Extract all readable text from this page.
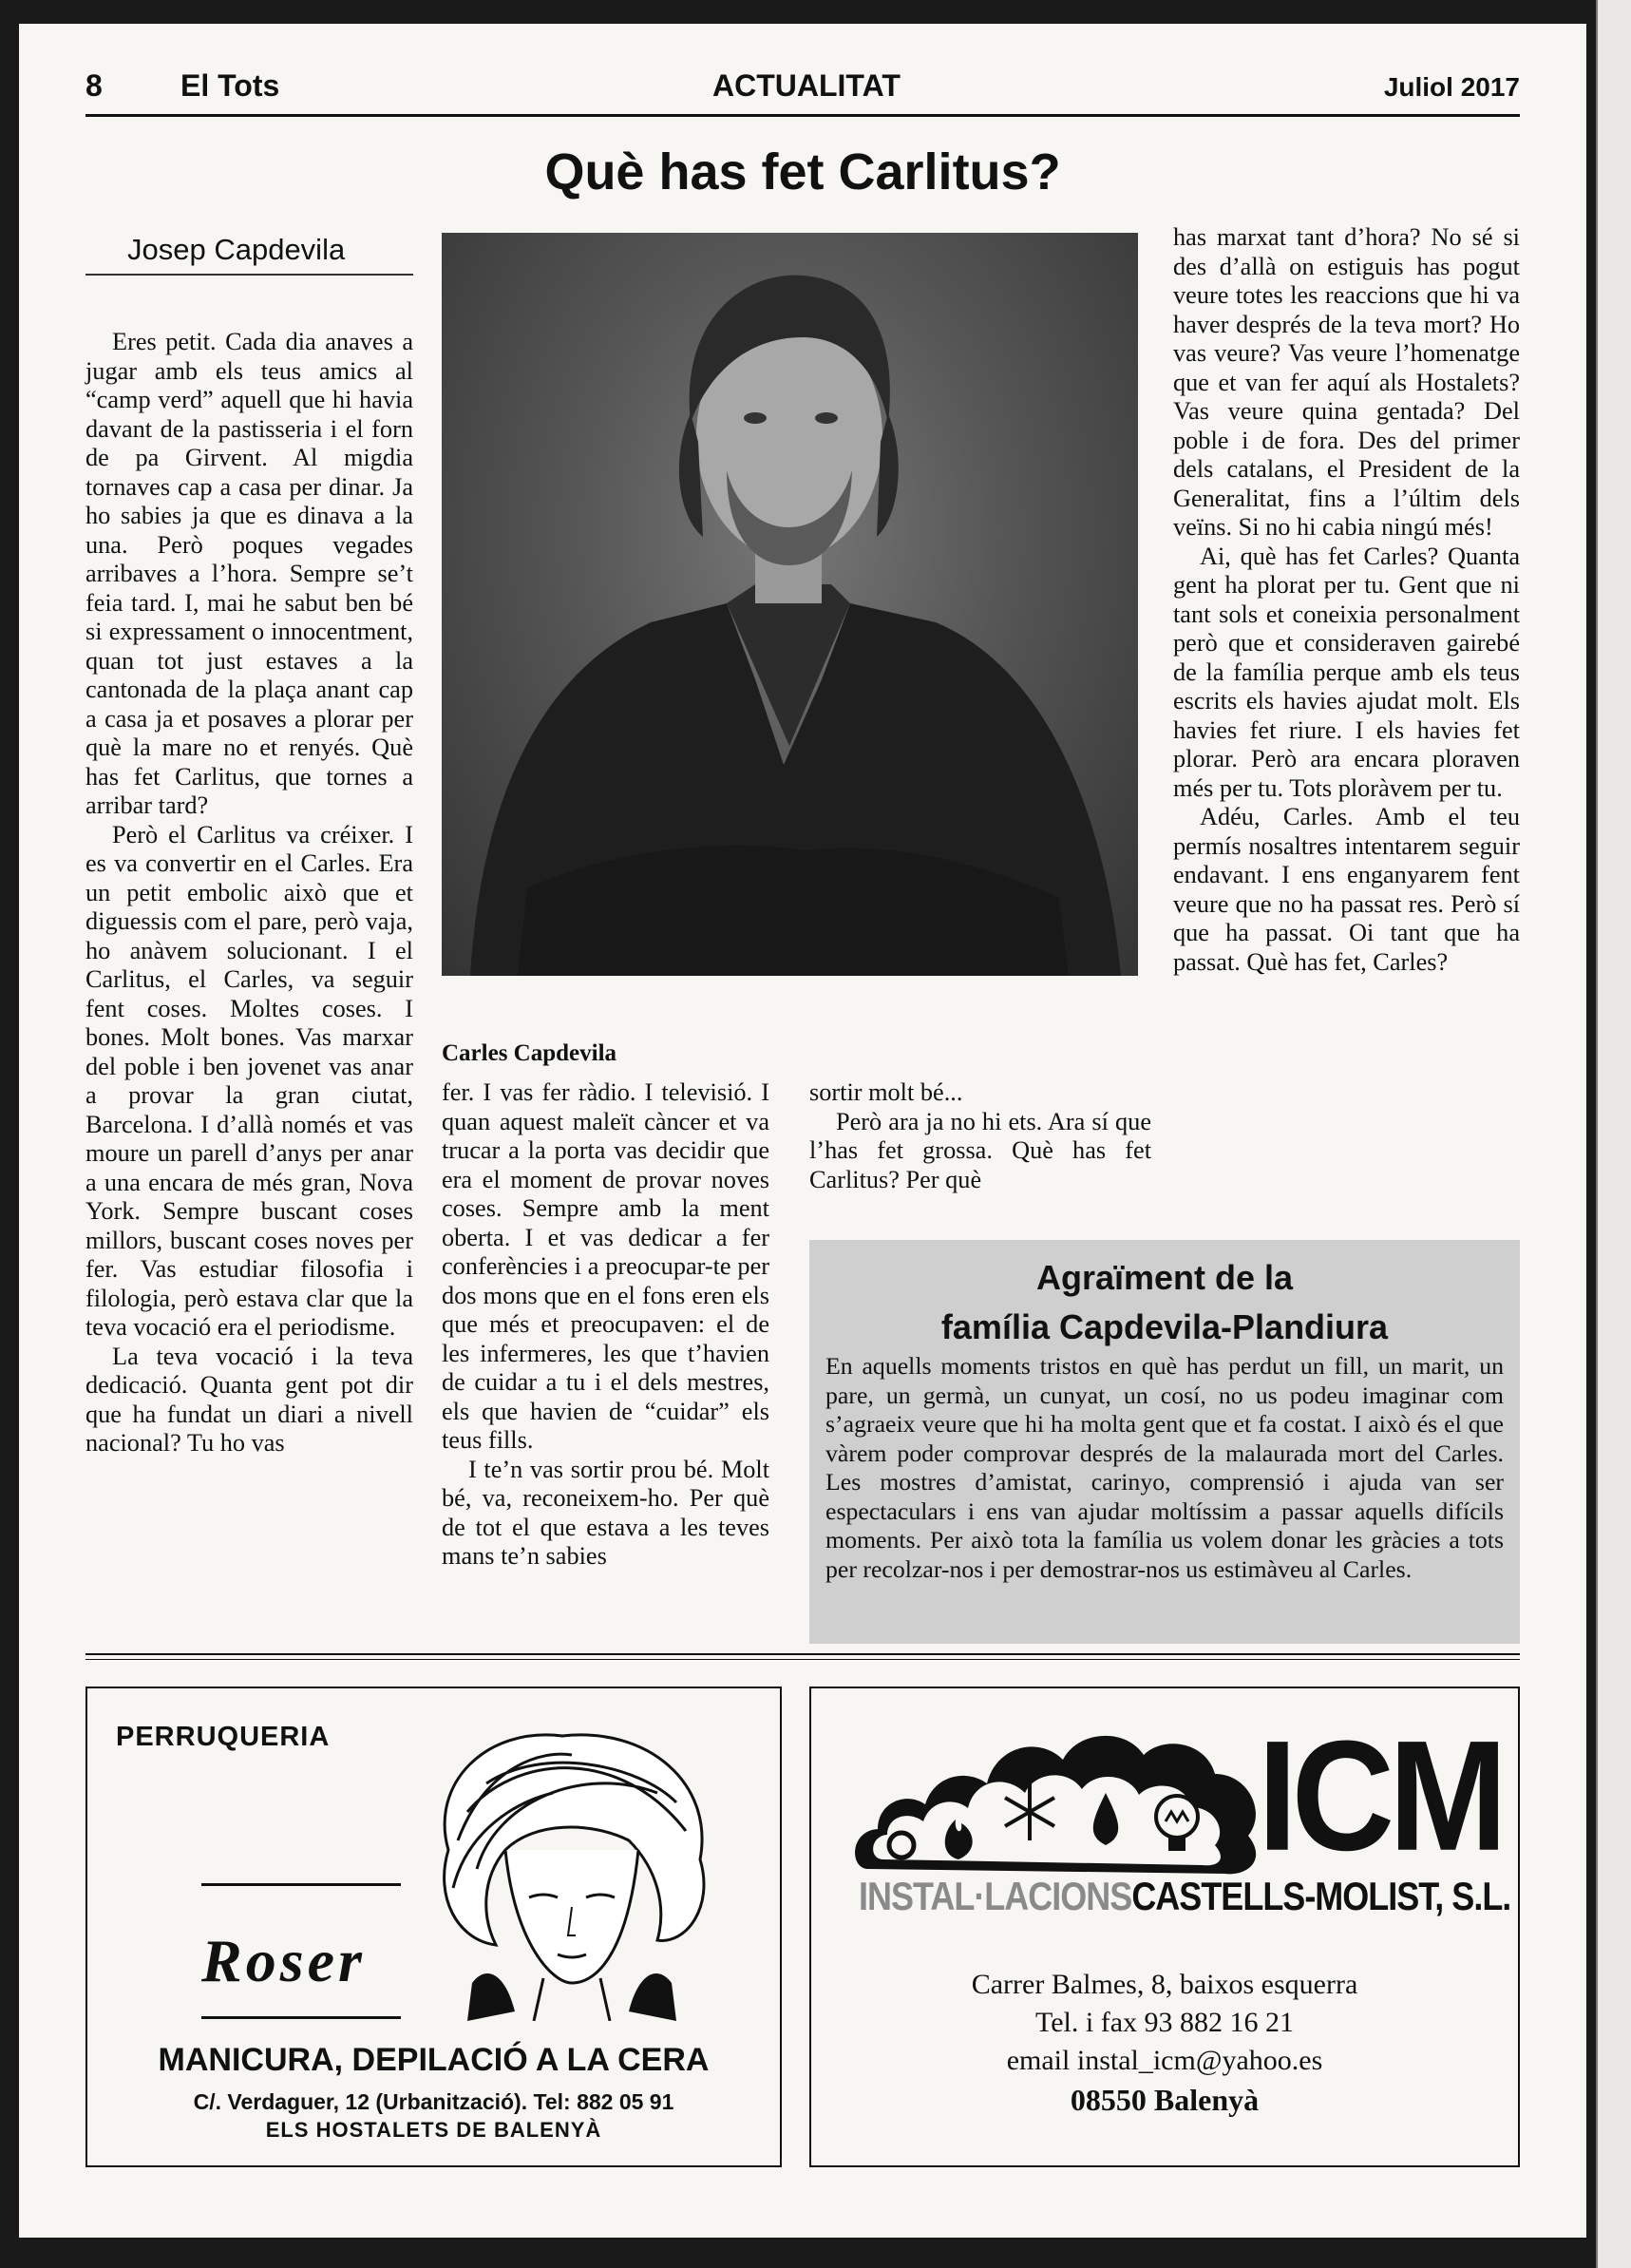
8	El Tots	ACTUALITAT	Juliol 2017
Què has fet Carlitus?
Josep Capdevila

Eres petit. Cada dia anaves a jugar amb els teus amics al “camp verd” aquell que hi havia davant de la pastisseria i el forn de pa Girvent. Al migdia tornaves cap a casa per dinar. Ja ho sabies ja que es dinava a la una. Però poques vegades arribaves a l’hora. Sempre se’t feia tard. I, mai he sabut ben bé si expressament o innocentment, quan tot just estaves a la cantonada de la plaça anant cap a casa ja et posaves a plorar per què la mare no et renyés. Què has fet Carlitus, que tornes a arribar tard?

Però el Carlitus va créixer. I es va convertir en el Carles. Era un petit embolic això que et diguessis com el pare, però vaja, ho anàvem solucionant. I el Carlitus, el Carles, va seguir fent coses. Moltes coses. I bones. Molt bones. Vas marxar del poble i ben jovenet vas anar a provar la gran ciutat, Barcelona. I d’allà només et vas moure un parell d’anys per anar a una encara de més gran, Nova York. Sempre buscant coses millors, buscant coses noves per fer. Vas estudiar filosofia i filologia, però estava clar que la teva vocació era el periodisme.

La teva vocació i la teva dedicació. Quanta gent pot dir que ha fundat un diari a nivell nacional? Tu ho vas

Carles Capdevila

fer. I vas fer ràdio. I televisió. I quan aquest maleït càncer et va trucar a la porta vas decidir que era el moment de provar noves coses. Sempre amb la ment oberta. I et vas dedicar a fer conferències i a preocupar-te per dos mons que en el fons eren els que més et preocupaven: el de les infermeres, les que t’havien de cuidar a tu i el dels mestres, els que havien de “cuidar” els teus fills.

I te’n vas sortir prou bé. Molt bé, va, reconeixem-ho. Per què de tot el que estava a les teves mans te’n sabies

sortir molt bé...

Però ara ja no hi ets. Ara sí que l’has fet grossa. Què has fet Carlitus? Per què

has marxat tant d’hora? No sé si des d’allà on estiguis has pogut veure totes les reaccions que hi va haver després de la teva mort? Ho vas veure? Vas veure l’homenatge que et van fer aquí als Hostalets? Vas veure quina gentada? Del poble i de fora. Des del primer dels catalans, el President de la Generalitat, fins a l’últim dels veïns. Si no hi cabia ningú més!

Ai, què has fet Carles? Quanta gent ha plorat per tu. Gent que ni tant sols et coneixia personalment però que et consideraven gairebé de la família perque amb els teus escrits els havies ajudat molt. Els havies fet riure. I els havies fet plorar. Però ara encara ploraven més per tu. Tots ploràvem per tu.

Adéu, Carles. Amb el teu permís nosaltres intentarem seguir endavant. I ens enganyarem fent veure que no ha passat res. Però sí que ha passat. Oi tant que ha passat. Què has fet, Carles?

Agraïment de la
família Capdevila-Plandiura
En aquells moments tristos en què has perdut un fill, un marit, un pare, un germà, un cunyat, un cosí, no us podeu imaginar com s’agraeix veure que hi ha molta gent que et fa costat. I això és el que vàrem poder comprovar després de la malaurada mort del Carles. Les mostres d’amistat, carinyo, comprensió i ajuda van ser espectaculars i ens van ajudar moltíssim a passar aquells difícils moments. Per això tota la família us volem donar les gràcies a tots per recolzar-nos i per demostrar-nos us estimàveu al Carles.
PERRUQUERIA
Roser
MANICURA, DEPILACIÓ A LA CERA
C/. Verdaguer, 12 (Urbanització). Tel: 882 05 91
ELS HOSTALETS DE BALENYÀ
ICM
INSTAL·LACIONSCASTELLS-MOLIST, S.L.
Carrer Balmes, 8, baixos esquerra
Tel. i fax 93 882 16 21
email instal_icm@yahoo.es
08550 Balenyà
